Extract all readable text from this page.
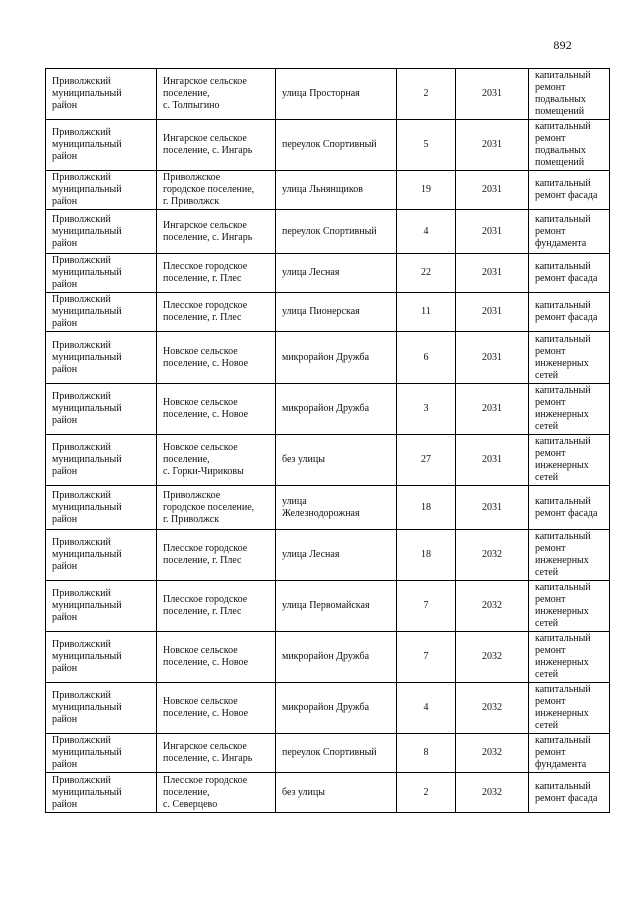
892
Приволжский
муниципальный
район	Ингарское сельское
поселение,
с. Толпыгино	улица Просторная	2	2031	капитальный
ремонт
подвальных
помещений
Приволжский
муниципальный
район	Ингарское сельское
поселение, с. Ингарь	переулок Спортивный	5	2031	капитальный
ремонт
подвальных
помещений
Приволжский
муниципальный
район	Приволжское
городское поселение,
г. Приволжск	улица Льнянщиков	19	2031	капитальный
ремонт фасада
Приволжский
муниципальный
район	Ингарское сельское
поселение, с. Ингарь	переулок Спортивный	4	2031	капитальный
ремонт
фундамента
Приволжский
муниципальный
район	Плесское городское
поселение, г. Плес	улица Лесная	22	2031	капитальный
ремонт фасада
Приволжский
муниципальный
район	Плесское городское
поселение, г. Плес	улица Пионерская	11	2031	капитальный
ремонт фасада
Приволжский
муниципальный
район	Новское сельское
поселение, с. Новое	микрорайон Дружба	6	2031	капитальный
ремонт
инженерных
сетей
Приволжский
муниципальный
район	Новское сельское
поселение, с. Новое	микрорайон Дружба	3	2031	капитальный
ремонт
инженерных
сетей
Приволжский
муниципальный
район	Новское сельское
поселение,
с. Горки-Чириковы	без улицы	27	2031	капитальный
ремонт
инженерных
сетей
Приволжский
муниципальный
район	Приволжское
городское поселение,
г. Приволжск	улица
Железнодорожная	18	2031	капитальный
ремонт фасада
Приволжский
муниципальный
район	Плесское городское
поселение, г. Плес	улица Лесная	18	2032	капитальный
ремонт
инженерных
сетей
Приволжский
муниципальный
район	Плесское городское
поселение, г. Плес	улица Первомайская	7	2032	капитальный
ремонт
инженерных
сетей
Приволжский
муниципальный
район	Новское сельское
поселение, с. Новое	микрорайон Дружба	7	2032	капитальный
ремонт
инженерных
сетей
Приволжский
муниципальный
район	Новское сельское
поселение, с. Новое	микрорайон Дружба	4	2032	капитальный
ремонт
инженерных
сетей
Приволжский
муниципальный
район	Ингарское сельское
поселение, с. Ингарь	переулок Спортивный	8	2032	капитальный
ремонт
фундамента
Приволжский
муниципальный
район	Плесское городское
поселение,
с. Северцево	без улицы	2	2032	капитальный
ремонт фасада
